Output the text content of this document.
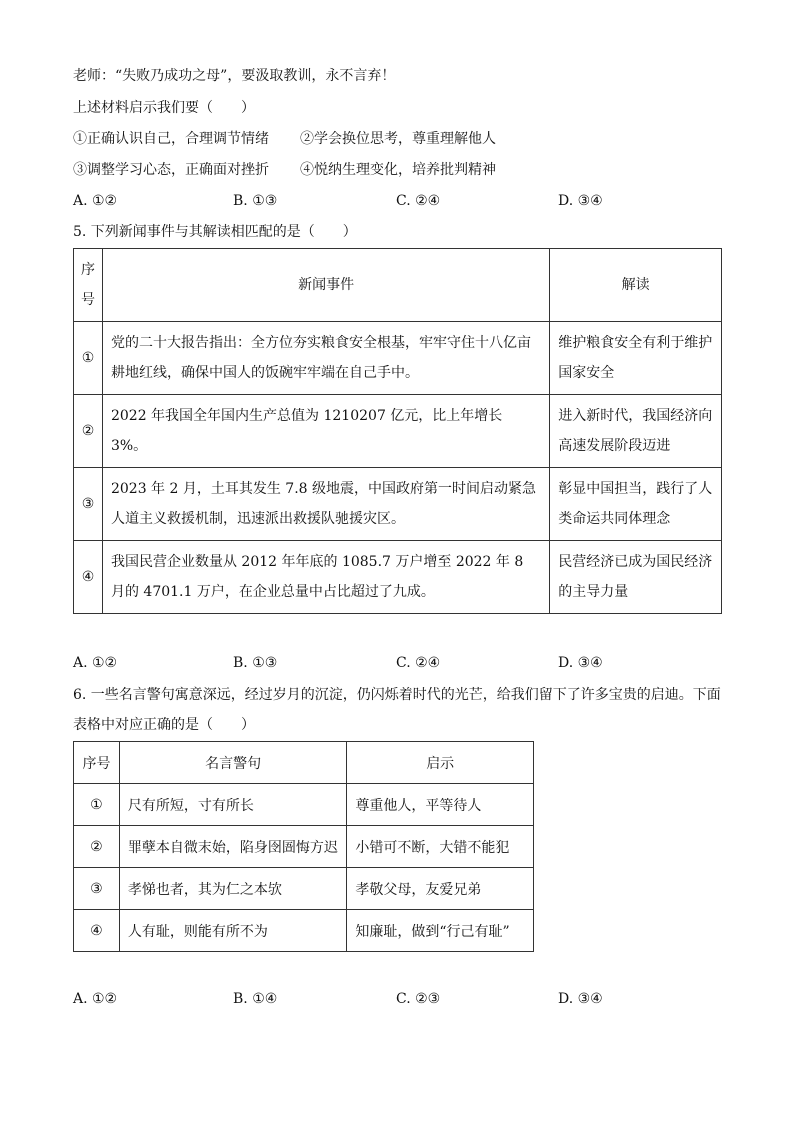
老师：“失败乃成功之母”，要汲取教训，永不言弃！
上述材料启示我们要（　　）
①正确认识自己，合理调节情绪 ②学会换位思考，尊重理解他人
③调整学习心态，正确面对挫折 ④悦纳生理变化，培养批判精神
A. ①②	B. ①③	C. ②④	D. ③④
5. 下列新闻事件与其解读相匹配的是（　　）
序
号	新闻事件	解读
①	党的二十大报告指出：全方位夯实粮食安全根基，牢牢守住十八亿亩耕地红线，确保中国人的饭碗牢牢端在自己手中。	维护粮食安全有利于维护国家安全
②	2022 年我国全年国内生产总值为 1210207 亿元，比上年增长 3%。	进入新时代，我国经济向高速发展阶段迈进
③	2023 年 2 月，土耳其发生 7.8 级地震，中国政府第一时间启动紧急人道主义救援机制，迅速派出救援队驰援灾区。	彰显中国担当，践行了人类命运共同体理念
④	我国民营企业数量从 2012 年年底的 1085.7 万户增至 2022 年 8 月的 4701.1 万户，在企业总量中占比超过了九成。	民营经济已成为国民经济的主导力量
A. ①②	B. ①③	C. ②④	D. ③④
6. 一些名言警句寓意深远，经过岁月的沉淀，仍闪烁着时代的光芒，给我们留下了许多宝贵的启迪。下面
表格中对应正确的是（　　）
序号	名言警句	启示
①	尺有所短，寸有所长	尊重他人，平等待人
②	罪孽本自微末始，陷身囹圄悔方迟	小错可不断，大错不能犯
③	孝悌也者，其为仁之本欤	孝敬父母，友爱兄弟
④	人有耻，则能有所不为	知廉耻，做到“行己有耻”
A. ①②	B. ①④	C. ②③	D. ③④
